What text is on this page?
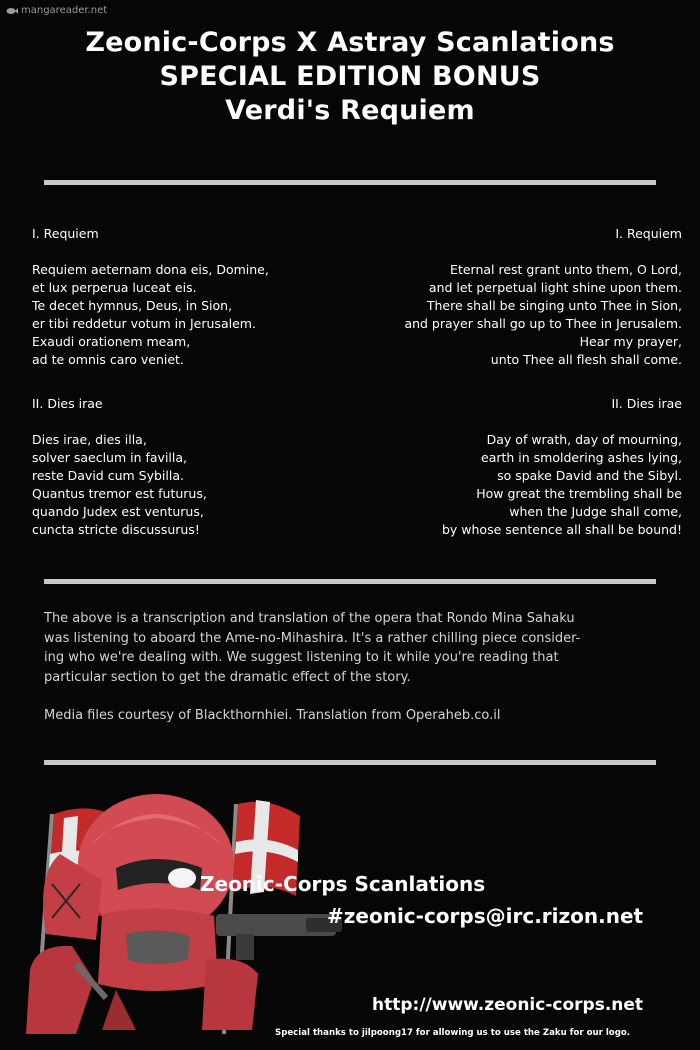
mangareader.net
Zeonic-Corps X Astray Scanlations
SPECIAL EDITION BONUS
Verdi's Requiem
I. Requiem
Requiem aeternam dona eis, Domine,
et lux perperua luceat eis.
Te decet hymnus, Deus, in Sion,
er tibi reddetur votum in Jerusalem.
Exaudi orationem meam,
ad te omnis caro veniet.
I. Requiem
Eternal rest grant unto them, O Lord,
and let perpetual light shine upon them.
There shall be singing unto Thee in Sion,
and prayer shall go up to Thee in Jerusalem.
Hear my prayer,
unto Thee all flesh shall come.
II. Dies irae
Dies irae, dies illa,
solver saeclum in favilla,
reste David cum Sybilla.
Quantus tremor est futurus,
quando Judex est venturus,
cuncta stricte discussurus!
II. Dies irae
Day of wrath, day of mourning,
earth in smoldering ashes lying,
so spake David and the Sibyl.
How great the trembling shall be
when the Judge shall come,
by whose sentence all shall be bound!
The above is a transcription and translation of the opera that Rondo Mina Sahaku
was listening to aboard the Ame-no-Mihashira. It's a rather chilling piece consider-
ing who we're dealing with. We suggest listening to it while you're reading that
particular section to get the dramatic effect of the story.
Media files courtesy of Blackthornhiei. Translation from Operaheb.co.il
Zeonic-Corps Scanlations
#zeonic-corps@irc.rizon.net
http://www.zeonic-corps.net
Special thanks to jilpoong17 for allowing us to use the Zaku for our logo.
